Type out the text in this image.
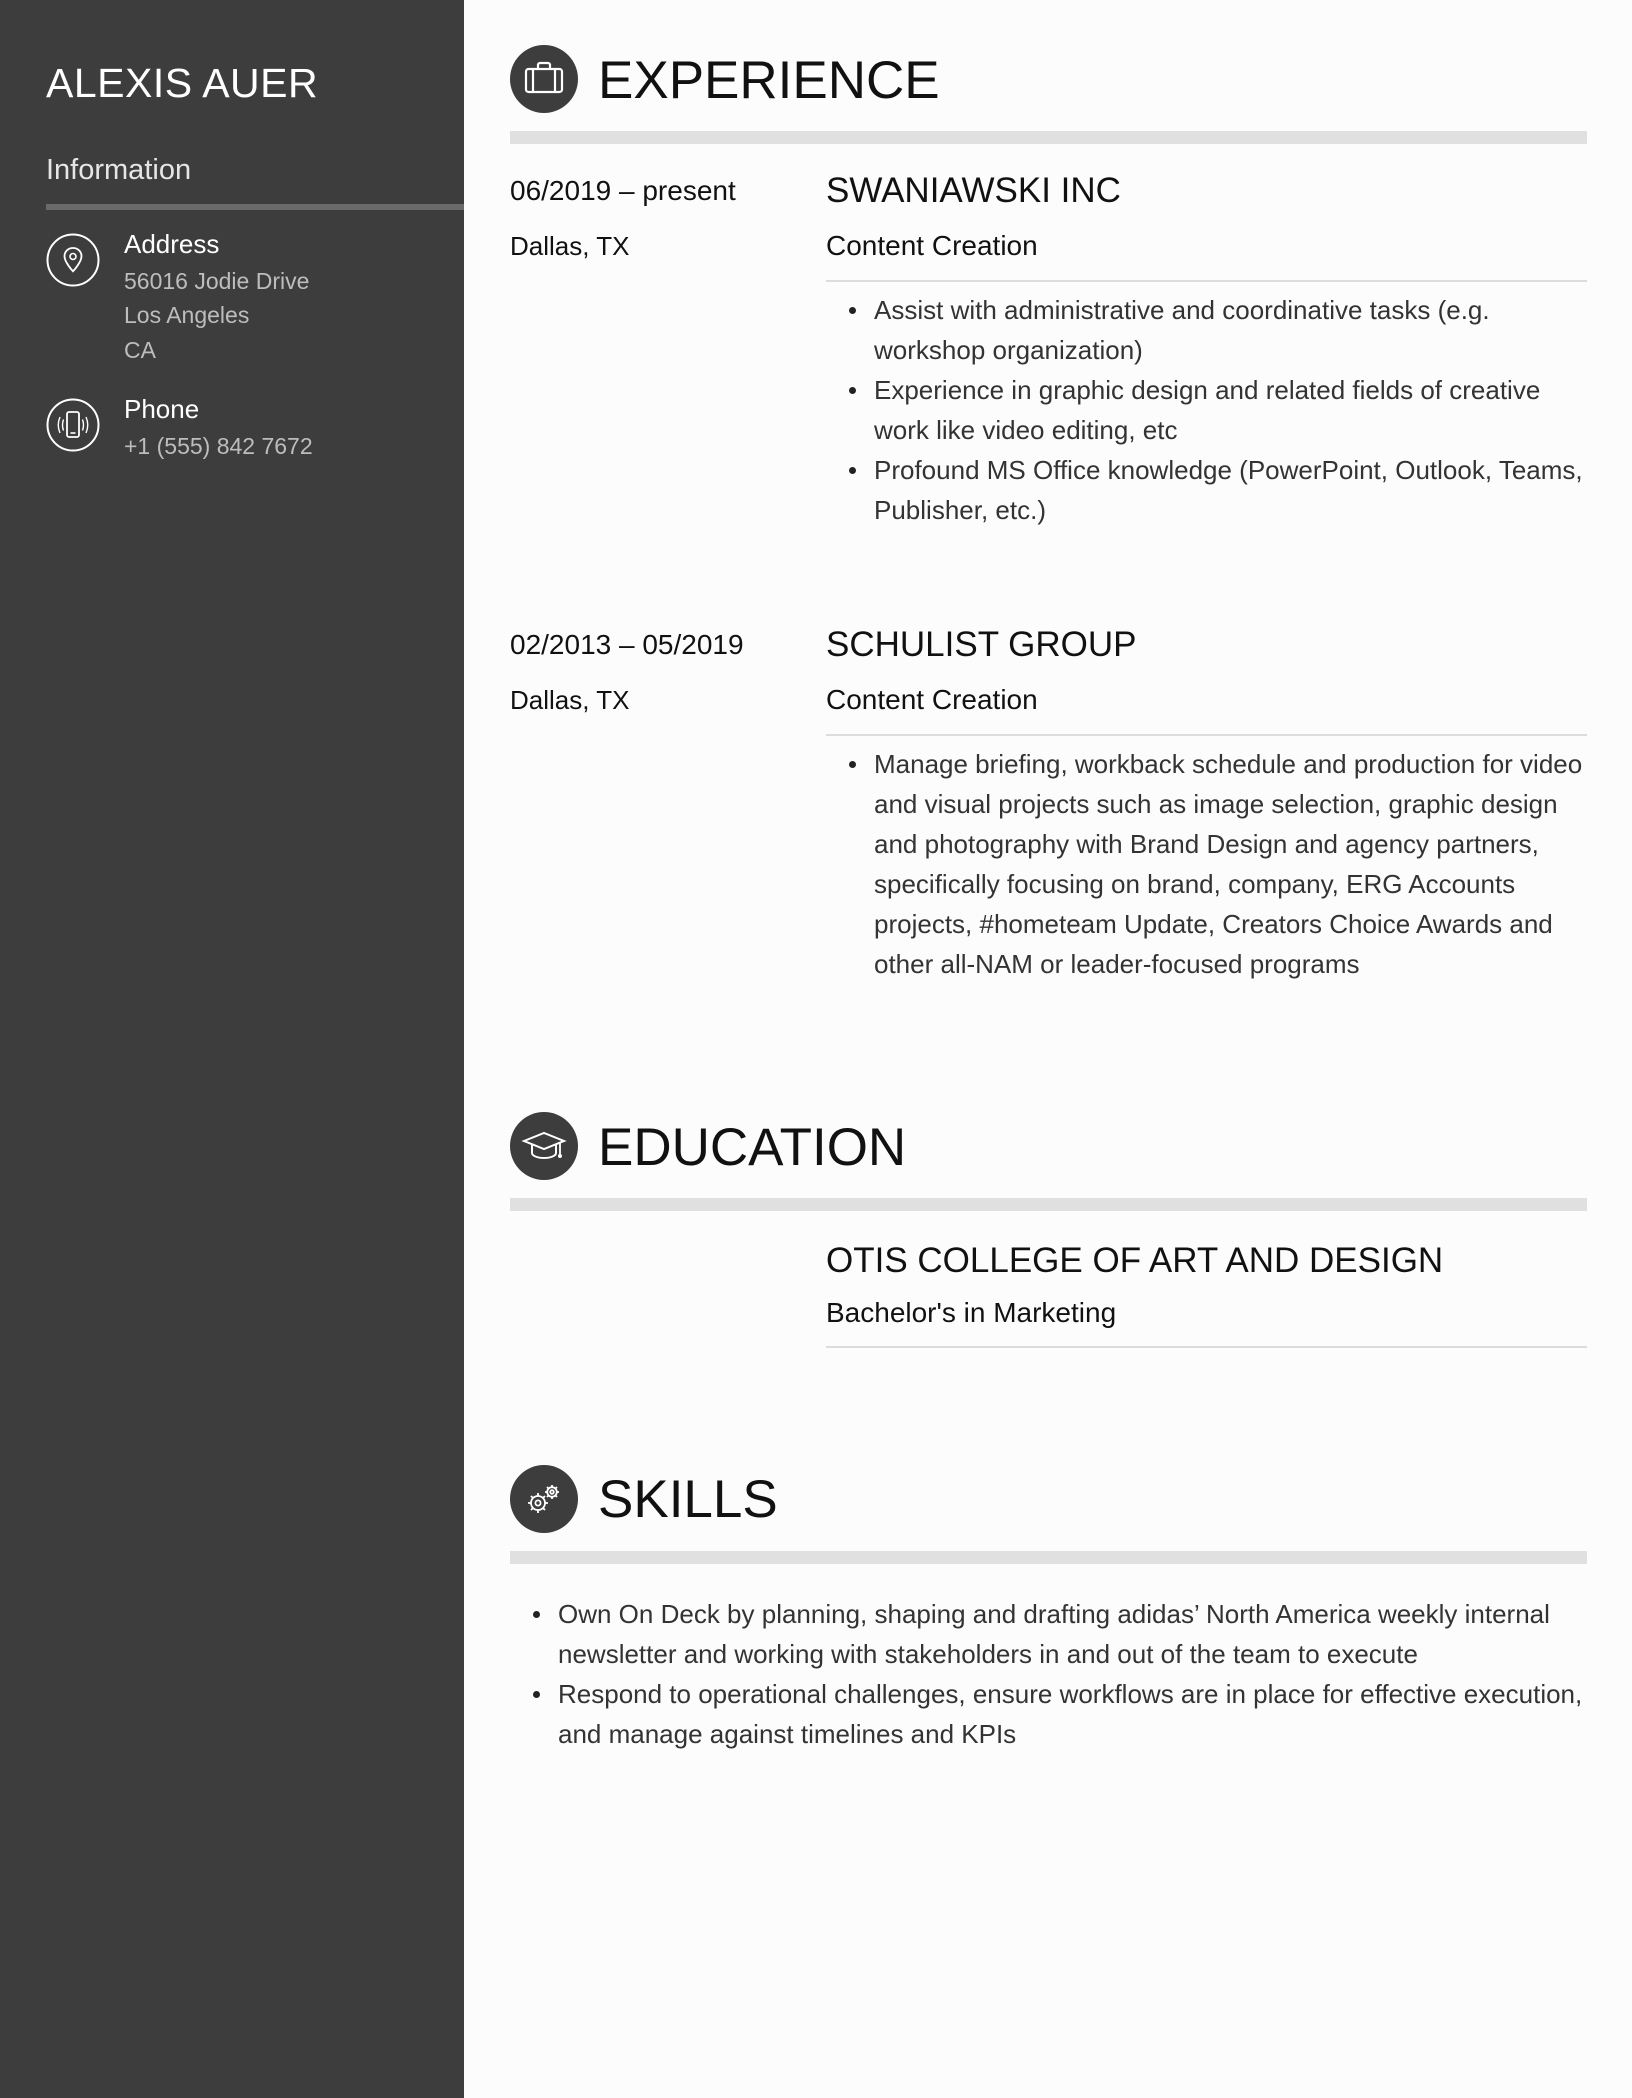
ALEXIS AUER
Information
Address
56016 Jodie Drive
Los Angeles
CA
Phone
+1 (555) 842 7672
EXPERIENCE
06/2019 – present
Dallas, TX
SWANIAWSKI INC
Content Creation
Assist with administrative and coordinative tasks (e.g. workshop organization)
Experience in graphic design and related fields of creative work like video editing, etc
Profound MS Office knowledge (PowerPoint, Outlook, Teams, Publisher, etc.)
02/2013 – 05/2019
Dallas, TX
SCHULIST GROUP
Content Creation
Manage briefing, workback schedule and production for video and visual projects such as image selection, graphic design and photography with Brand Design and agency partners, specifically focusing on brand, company, ERG Accounts projects, #hometeam Update, Creators Choice Awards and other all-NAM or leader-focused programs
EDUCATION
OTIS COLLEGE OF ART AND DESIGN
Bachelor's in Marketing
SKILLS
Own On Deck by planning, shaping and drafting adidas’ North America weekly internal newsletter and working with stakeholders in and out of the team to execute
Respond to operational challenges, ensure workflows are in place for effective execution, and manage against timelines and KPIs
